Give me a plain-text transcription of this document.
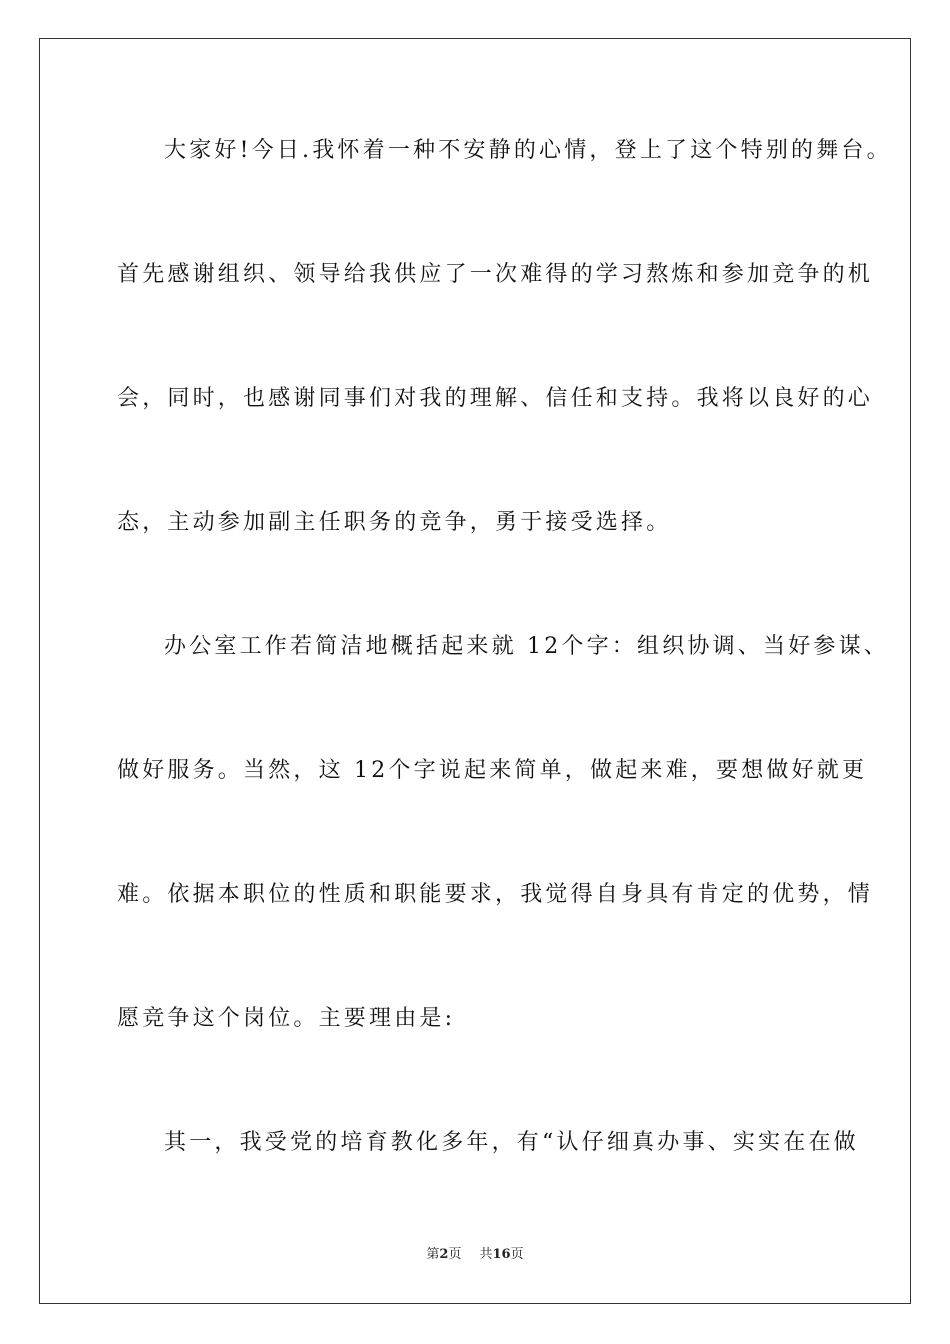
大家好!今日.我怀着一种不安静的心情，登上了这个特别的舞台。
首先感谢组织、领导给我供应了一次难得的学习熬炼和参加竞争的机
会，同时，也感谢同事们对我的理解、信任和支持。我将以良好的心
态，主动参加副主任职务的竞争，勇于接受选择。
办公室工作若简洁地概括起来就 12个字：组织协调、当好参谋、
做好服务。当然，这 12个字说起来简单，做起来难，要想做好就更
难。依据本职位的性质和职能要求，我觉得自身具有肯定的优势，情
愿竞争这个岗位。主要理由是:
其一，我受党的培育教化多年，有“认仔细真办事、实实在在做
第2页 共16页
